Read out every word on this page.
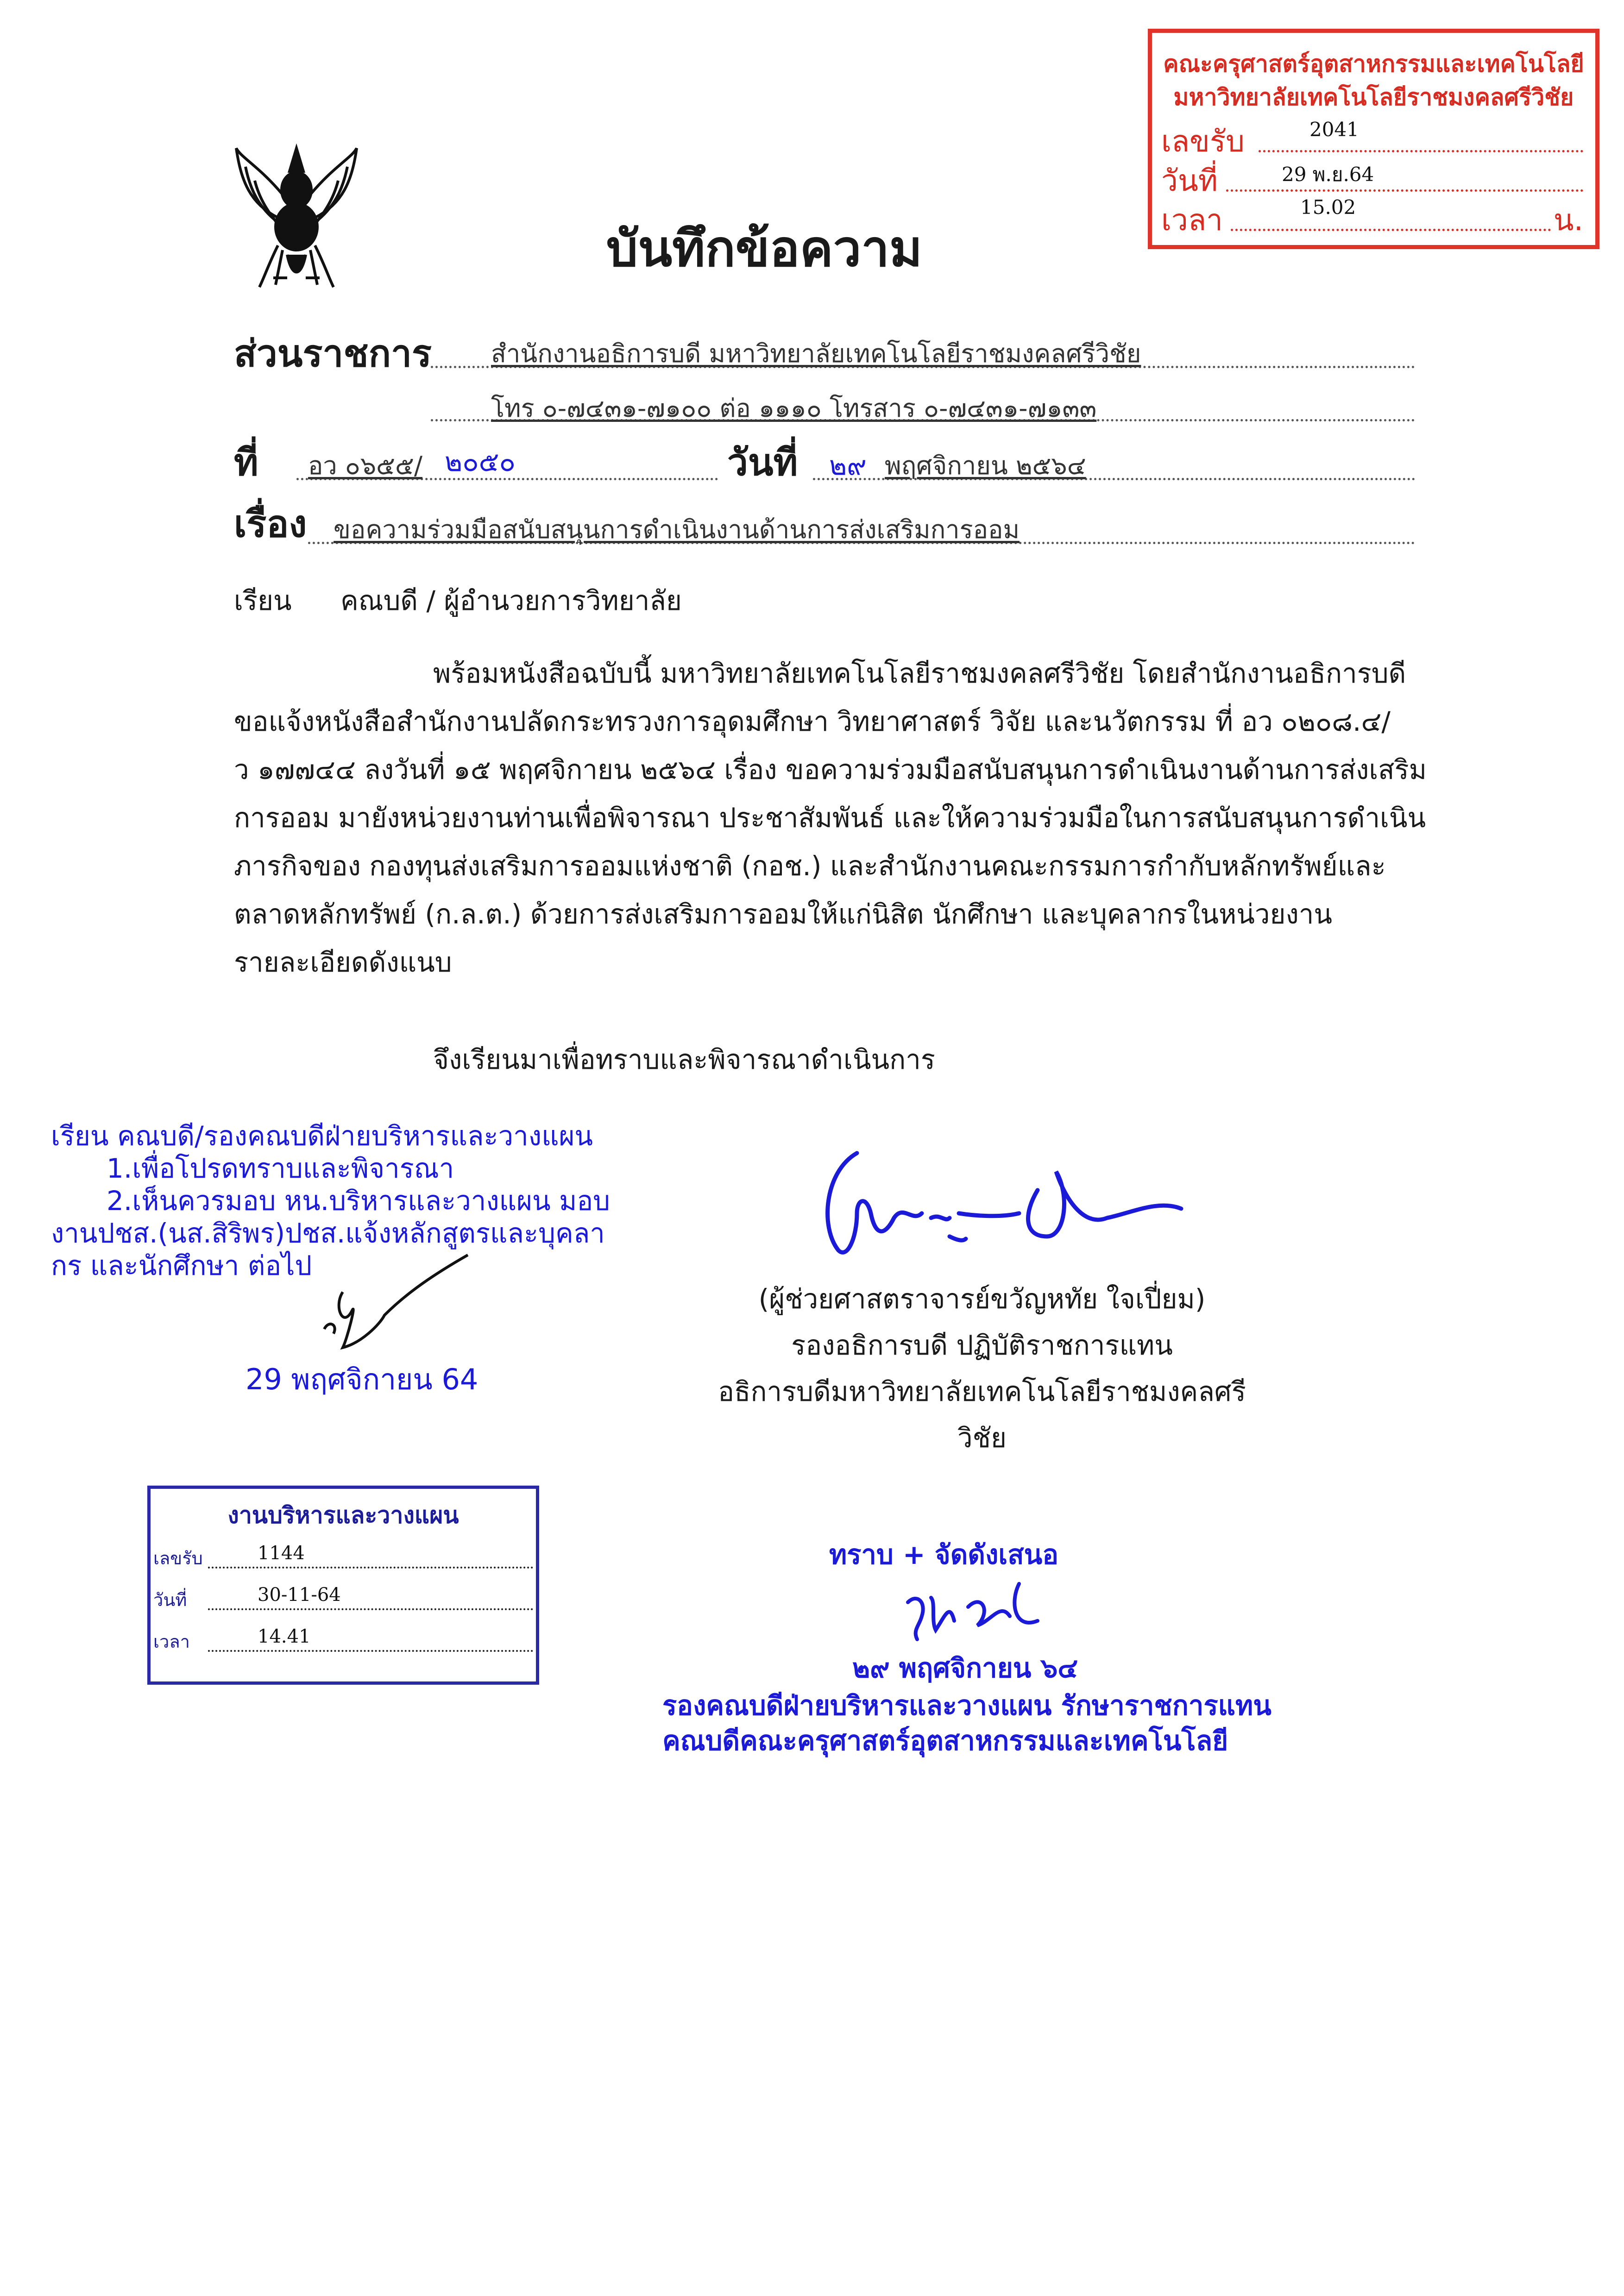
คณะครุศาสตร์อุตสาหกรรมและเทคโนโลยี
มหาวิทยาลัยเทคโนโลยีราชมงคลศรีวิชัย
เลขรับ	2041
วันที่	29 พ.ย.64
เวลา	15.02	น.
บันทึกข้อความ
ส่วนราชการ สำนักงานอธิการบดี มหาวิทยาลัยเทคโนโลยีราชมงคลศรีวิชัย
โทร ๐-๗๔๓๑-๗๑๐๐ ต่อ ๑๑๑๐ โทรสาร ๐-๗๔๓๑-๗๑๓๓
ที่ อว ๐๖๕๕/ ๒๐๕๐	วันที่ ๒๙ พฤศจิกายน ๒๕๖๔
เรื่อง ขอความร่วมมือสนับสนุนการดำเนินงานด้านการส่งเสริมการออม
เรียน คณบดี / ผู้อำนวยการวิทยาลัย
พร้อมหนังสือฉบับนี้ มหาวิทยาลัยเทคโนโลยีราชมงคลศรีวิชัย โดยสำนักงานอธิการบดี
ขอแจ้งหนังสือสำนักงานปลัดกระทรวงการอุดมศึกษา วิทยาศาสตร์ วิจัย และนวัตกรรม ที่ อว ๐๒๐๘.๔/
ว ๑๗๗๔๔ ลงวันที่ ๑๕ พฤศจิกายน ๒๕๖๔ เรื่อง ขอความร่วมมือสนับสนุนการดำเนินงานด้านการส่งเสริม
การออม มายังหน่วยงานท่านเพื่อพิจารณา ประชาสัมพันธ์ และให้ความร่วมมือในการสนับสนุนการดำเนิน
ภารกิจของ กองทุนส่งเสริมการออมแห่งชาติ (กอช.) และสำนักงานคณะกรรมการกำกับหลักทรัพย์และ
ตลาดหลักทรัพย์ (ก.ล.ต.) ด้วยการส่งเสริมการออมให้แก่นิสิต นักศึกษา และบุคลากรในหน่วยงาน
รายละเอียดดังแนบ
จึงเรียนมาเพื่อทราบและพิจารณาดำเนินการ
เรียน คณบดี/รองคณบดีฝ่ายบริหารและวางแผน
1.เพื่อโปรดทราบและพิจารณา
2.เห็นควรมอบ หน.บริหารและวางแผน มอบ
งานปชส.(นส.สิริพร)ปชส.แจ้งหลักสูตรและบุคลา
กร และนักศึกษา ต่อไป
29 พฤศจิกายน 64
(ผู้ช่วยศาสตราจารย์ขวัญหทัย ใจเปี่ยม)
รองอธิการบดี ปฏิบัติราชการแทน
อธิการบดีมหาวิทยาลัยเทคโนโลยีราชมงคลศรีวิชัย
งานบริหารและวางแผน
เลขรับ	1144
วันที่	30-11-64
เวลา	14.41
ทราบ + จัดดังเสนอ
๒๙ พฤศจิกายน ๖๔
รองคณบดีฝ่ายบริหารและวางแผน รักษาราชการแทน
คณบดีคณะครุศาสตร์อุตสาหกรรมและเทคโนโลยี
